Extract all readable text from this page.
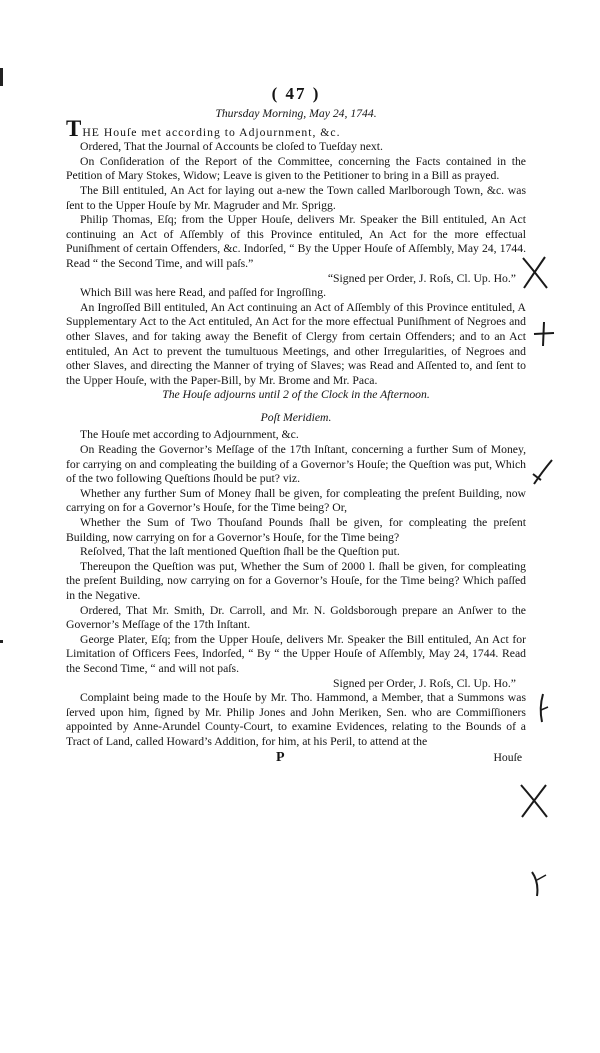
( 47 )
Thursday Morning, May 24, 1744.

THE Houſe met according to Adjournment, &c.

Ordered, That the Journal of Accounts be cloſed to Tueſday next.

On Conſideration of the Report of the Committee, concerning the Facts contained in the Petition of Mary Stokes, Widow; Leave is given to the Petitioner to bring in a Bill as prayed.

The Bill entituled, An Act for laying out a-new the Town called Marlborough Town, &c. was ſent to the Upper Houſe by Mr. Magruder and Mr. Sprigg.

Philip Thomas, Eſq; from the Upper Houſe, delivers Mr. Speaker the Bill entituled, An Act continuing an Act of Aſſembly of this Province entituled, An Act for the more effectual Puniſhment of certain Offenders, &c. Indorſed, “ By the Upper Houſe of Aſſembly, May 24, 1744. Read “ the Second Time, and will paſs.”

“Signed per Order, J. Roſs, Cl. Up. Ho.”

Which Bill was here Read, and paſſed for Ingroſſing.

An Ingroſſed Bill entituled, An Act continuing an Act of Aſſembly of this Province entituled, A Supplementary Act to the Act entituled, An Act for the more effectual Puniſhment of Negroes and other Slaves, and for taking away the Benefit of Clergy from certain Offenders; and to an Act entituled, An Act to prevent the tumultuous Meetings, and other Irregularities, of Negroes and other Slaves, and directing the Manner of trying of Slaves; was Read and Aſſented to, and ſent to the Upper Houſe, with the Paper-Bill, by Mr. Brome and Mr. Paca.

The Houſe adjourns until 2 of the Clock in the Afternoon.

Poſt Meridiem.

The Houſe met according to Adjournment, &c.

On Reading the Governor’s Meſſage of the 17th Inſtant, concerning a further Sum of Money, for carrying on and compleating the building of a Governor’s Houſe; the Queſtion was put, Which of the two following Queſtions ſhould be put? viz.

Whether any further Sum of Money ſhall be given, for compleating the preſent Building, now carrying on for a Governor’s Houſe, for the Time being? Or,

Whether the Sum of Two Thouſand Pounds ſhall be given, for compleating the preſent Building, now carrying on for a Governor’s Houſe, for the Time being?

Reſolved, That the laſt mentioned Queſtion ſhall be the Queſtion put.

Thereupon the Queſtion was put, Whether the Sum of 2000 l. ſhall be given, for compleating the preſent Building, now carrying on for a Governor’s Houſe, for the Time being? Which paſſed in the Negative.

Ordered, That Mr. Smith, Dr. Carroll, and Mr. N. Goldsborough prepare an Anſwer to the Governor’s Meſſage of the 17th Inſtant.

George Plater, Eſq; from the Upper Houſe, delivers Mr. Speaker the Bill entituled, An Act for Limitation of Officers Fees, Indorſed, “ By “ the Upper Houſe of Aſſembly, May 24, 1744. Read the Second Time, “ and will not paſs.

Signed per Order, J. Roſs, Cl. Up. Ho.”

Complaint being made to the Houſe by Mr. Tho. Hammond, a Member, that a Summons was ſerved upon him, ſigned by Mr. Philip Jones and John Meriken, Sen. who are Commiſſioners appointed by Anne-Arundel County-Court, to examine Evidences, relating to the Bounds of a Tract of Land, called Howard’s Addition, for him, at his Peril, to attend at the

P	Houſe
